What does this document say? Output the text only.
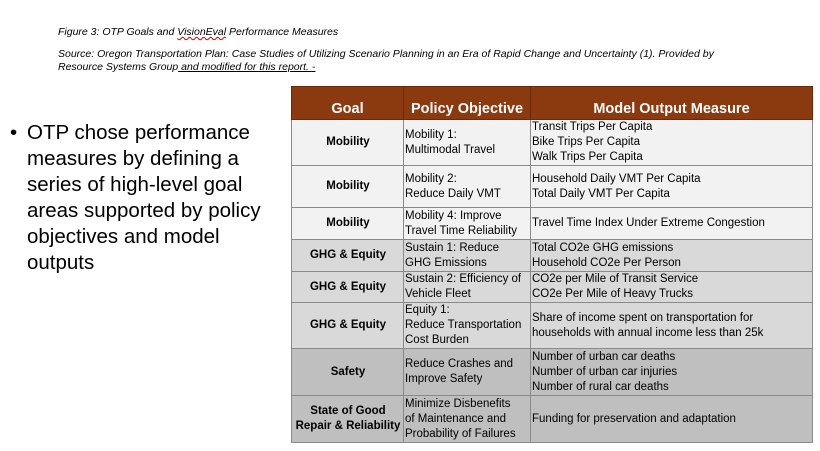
Figure 3: OTP Goals and VisionEval Performance Measures
Source: Oregon Transportation Plan: Case Studies of Utilizing Scenario Planning in an Era of Rapid Change and Uncertainty (1). Provided by Resource Systems Group and modified for this report. -
• OTP chose performance measures by defining a series of high-level goal areas supported by policy objectives and model outputs
Goal	Policy Objective	Model Output Measure
Mobility	Mobility 1:
Multimodal Travel	Transit Trips Per Capita
Bike Trips Per Capita
Walk Trips Per Capita

Mobility	Mobility 2:
Reduce Daily VMT	Household Daily VMT Per Capita
Total Daily VMT Per Capita

Mobility	Mobility 4: Improve
Travel Time Reliability	Travel Time Index Under Extreme Congestion

GHG & Equity	Sustain 1: Reduce
GHG Emissions	Total CO2e GHG emissions
Household CO2e Per Person

GHG & Equity	Sustain 2: Efficiency of
Vehicle Fleet	CO2e per Mile of Transit Service
CO2e Per Mile of Heavy Trucks

GHG & Equity	Equity 1:
Reduce Transportation
Cost Burden	Share of income spent on transportation for
households with annual income less than 25k

Safety	Reduce Crashes and
Improve Safety	Number of urban car deaths
Number of urban car injuries
Number of rural car deaths

State of Good Repair & Reliability	Minimize Disbenefits
of Maintenance and
Probability of Failures	Funding for preservation and adaptation
